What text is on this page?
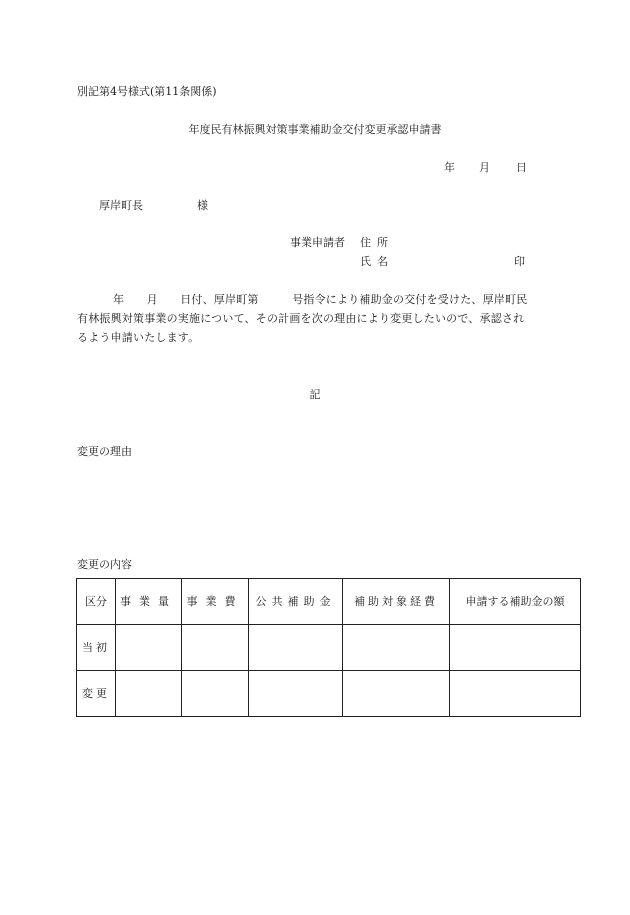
別記第4号様式(第11条関係)
年度民有林振興対策事業補助金交付変更承認申請書
年 月 日
厚岸町長	様
事業申請者 住所
氏名	印
年　　月　　日付、厚岸町第　　　号指令により補助金の交付を受けた、厚岸町民
有林振興対策事業の実施について、その計画を次の理由により変更したいので、承認され
るよう申請いたします。
記
変更の理由
変更の内容
区分	事業量	事業費	公共補助金	補助対象経費	申請する補助金の額
当初					
変更					
